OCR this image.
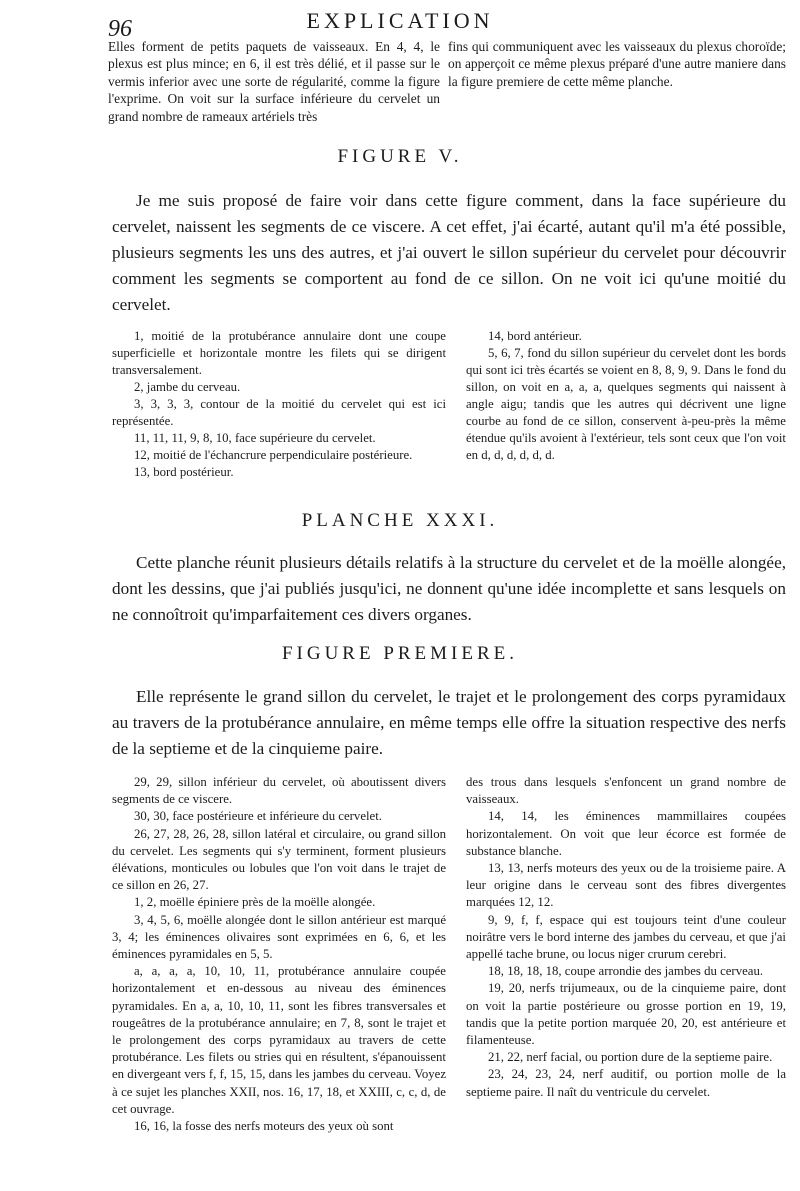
96	EXPLICATION

Elles forment de petits paquets de vaisseaux. En 4, 4, le plexus est plus mince; en 6, il est très délié, et il passe sur le vermis inferior avec une sorte de régularité, comme la figure l'exprime. On voit sur la surface inférieure du cervelet un grand nombre de rameaux artériels très

fins qui communiquent avec les vaisseaux du plexus choroïde; on apperçoit ce même plexus préparé d'une autre maniere dans la figure premiere de cette même planche.

FIGURE V.

Je me suis proposé de faire voir dans cette figure comment, dans la face supérieure du cervelet, naissent les segments de ce viscere. A cet effet, j'ai écarté, autant qu'il m'a été possible, plusieurs segments les uns des autres, et j'ai ouvert le sillon supérieur du cervelet pour découvrir comment les segments se comportent au fond de ce sillon. On ne voit ici qu'une moitié du cervelet.

1, moitié de la protubérance annulaire dont une coupe superficielle et horizontale montre les filets qui se dirigent transversalement.

2, jambe du cerveau.

3, 3, 3, 3, contour de la moitié du cervelet qui est ici représentée.

11, 11, 11, 9, 8, 10, face supérieure du cervelet.

12, moitié de l'échancrure perpendiculaire postérieure.

13, bord postérieur.

14, bord antérieur.

5, 6, 7, fond du sillon supérieur du cervelet dont les bords qui sont ici très écartés se voient en 8, 8, 9, 9. Dans le fond du sillon, on voit en a, a, a, quelques segments qui naissent à angle aigu; tandis que les autres qui décrivent une ligne courbe au fond de ce sillon, conservent à-peu-près la même étendue qu'ils avoient à l'extérieur, tels sont ceux que l'on voit en d, d, d, d, d, d.

PLANCHE XXXI.

Cette planche réunit plusieurs détails relatifs à la structure du cervelet et de la moëlle alongée, dont les dessins, que j'ai publiés jusqu'ici, ne donnent qu'une idée incomplette et sans lesquels on ne connoîtroit qu'imparfaitement ces divers organes.

FIGURE PREMIERE.

Elle représente le grand sillon du cervelet, le trajet et le prolongement des corps pyramidaux au travers de la protubérance annulaire, en même temps elle offre la situation respective des nerfs de la septieme et de la cinquieme paire.

29, 29, sillon inférieur du cervelet, où aboutissent divers segments de ce viscere.

30, 30, face postérieure et inférieure du cervelet.

26, 27, 28, 26, 28, sillon latéral et circulaire, ou grand sillon du cervelet. Les segments qui s'y terminent, forment plusieurs élévations, monticules ou lobules que l'on voit dans le trajet de ce sillon en 26, 27.

1, 2, moëlle épiniere près de la moëlle alongée.

3, 4, 5, 6, moëlle alongée dont le sillon antérieur est marqué 3, 4; les éminences olivaires sont exprimées en 6, 6, et les éminences pyramidales en 5, 5.

a, a, a, a, 10, 10, 11, protubérance annulaire coupée horizontalement et en-dessous au niveau des éminences pyramidales. En a, a, 10, 10, 11, sont les fibres transversales et rougeâtres de la protubérance annulaire; en 7, 8, sont le trajet et le prolongement des corps pyramidaux au travers de cette protubérance. Les filets ou stries qui en résultent, s'épanouissent en divergeant vers f, f, 15, 15, dans les jambes du cerveau. Voyez à ce sujet les planches XXII, nos. 16, 17, 18, et XXIII, c, c, d, de cet ouvrage.

16, 16, la fosse des nerfs moteurs des yeux où sont

des trous dans lesquels s'enfoncent un grand nombre de vaisseaux.

14, 14, les éminences mammillaires coupées horizontalement. On voit que leur écorce est formée de substance blanche.

13, 13, nerfs moteurs des yeux ou de la troisieme paire. A leur origine dans le cerveau sont des fibres divergentes marquées 12, 12.

9, 9, f, f, espace qui est toujours teint d'une couleur noirâtre vers le bord interne des jambes du cerveau, et que j'ai appellé tache brune, ou locus niger crurum cerebri.

18, 18, 18, 18, coupe arrondie des jambes du cerveau.

19, 20, nerfs trijumeaux, ou de la cinquieme paire, dont on voit la partie postérieure ou grosse portion en 19, 19, tandis que la petite portion marquée 20, 20, est antérieure et filamenteuse.

21, 22, nerf facial, ou portion dure de la septieme paire.

23, 24, 23, 24, nerf auditif, ou portion molle de la septieme paire. Il naît du ventricule du cervelet.
